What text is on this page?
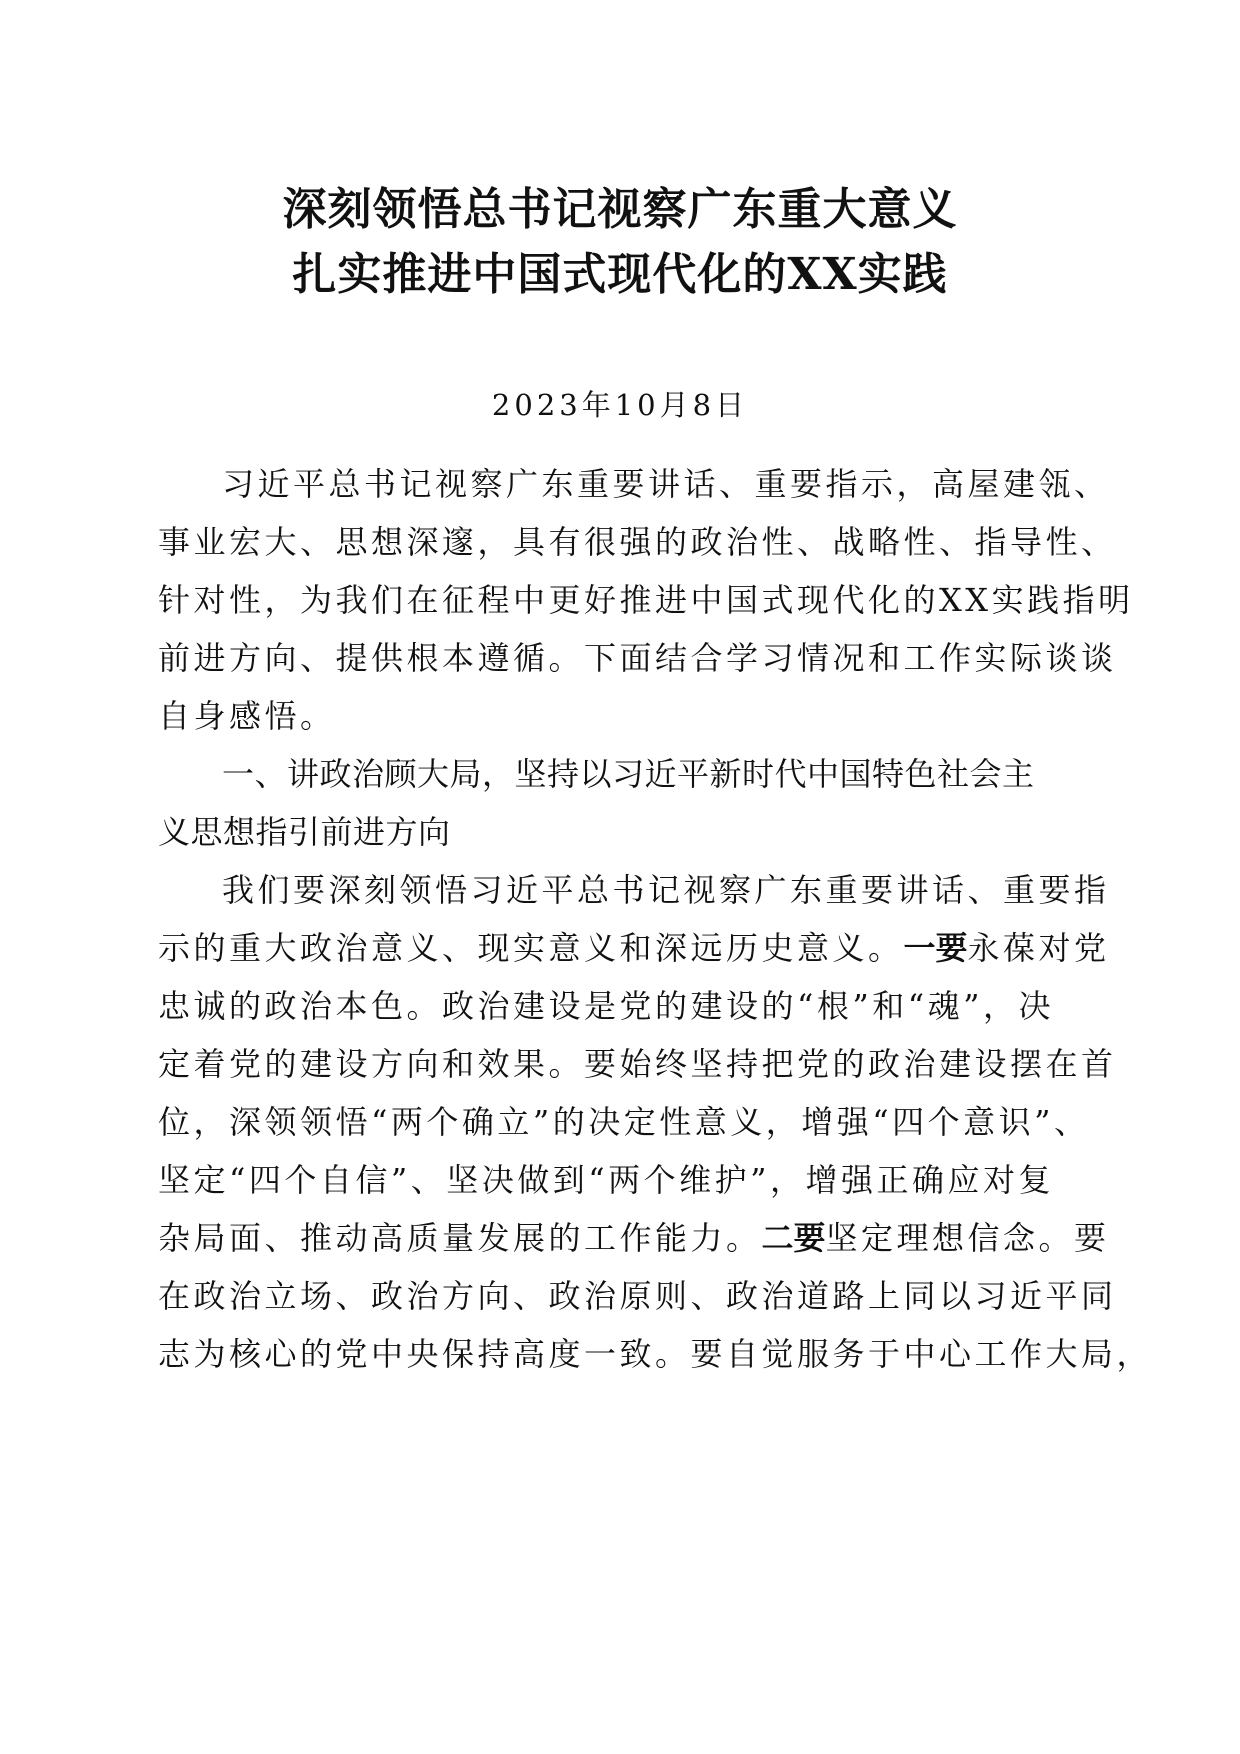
深刻领悟总书记视察广东重大意义
扎实推进中国式现代化的XX实践
2023年10月8日
习近平总书记视察广东重要讲话、重要指示，高屋建瓴、
事业宏大、思想深邃，具有很强的政治性、战略性、指导性、
针对性，为我们在征程中更好推进中国式现代化的XX实践指明
前进方向、提供根本遵循。下面结合学习情况和工作实际谈谈
自身感悟。
一、讲政治顾大局，坚持以习近平新时代中国特色社会主
义思想指引前进方向
我们要深刻领悟习近平总书记视察广东重要讲话、重要指
示的重大政治意义、现实意义和深远历史意义。一要永葆对党
忠诚的政治本色。政治建设是党的建设的“根”和“魂”，决
定着党的建设方向和效果。要始终坚持把党的政治建设摆在首
位，深领领悟“两个确立”的决定性意义，增强“四个意识”、
坚定“四个自信”、坚决做到“两个维护”，增强正确应对复
杂局面、推动高质量发展的工作能力。二要坚定理想信念。要
在政治立场、政治方向、政治原则、政治道路上同以习近平同
志为核心的党中央保持高度一致。要自觉服务于中心工作大局，
